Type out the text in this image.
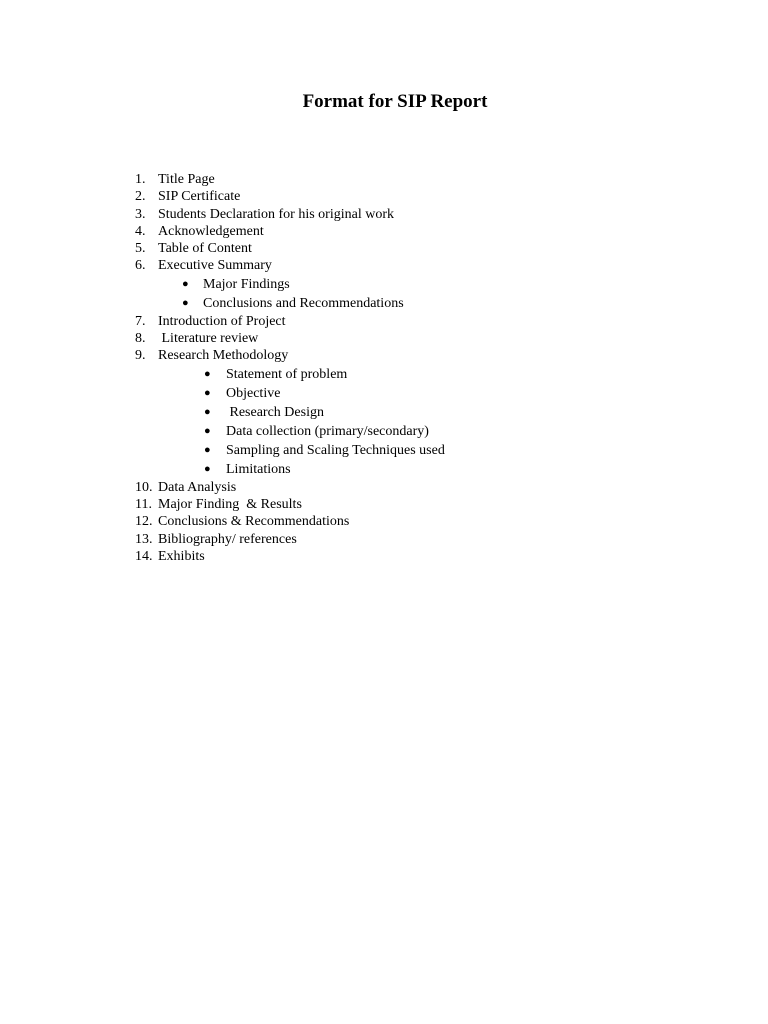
Format for SIP Report
1. Title Page
2. SIP Certificate
3. Students Declaration for his original work
4. Acknowledgement
5. Table of Content
6. Executive Summary
● Major Findings
● Conclusions and Recommendations
7. Introduction of Project
8. Literature review
9. Research Methodology
● Statement of problem
● Objective
● Research Design
● Data collection (primary/secondary)
● Sampling and Scaling Techniques used
● Limitations
10. Data Analysis
11. Major Finding  & Results
12. Conclusions & Recommendations
13. Bibliography/ references
14. Exhibits
